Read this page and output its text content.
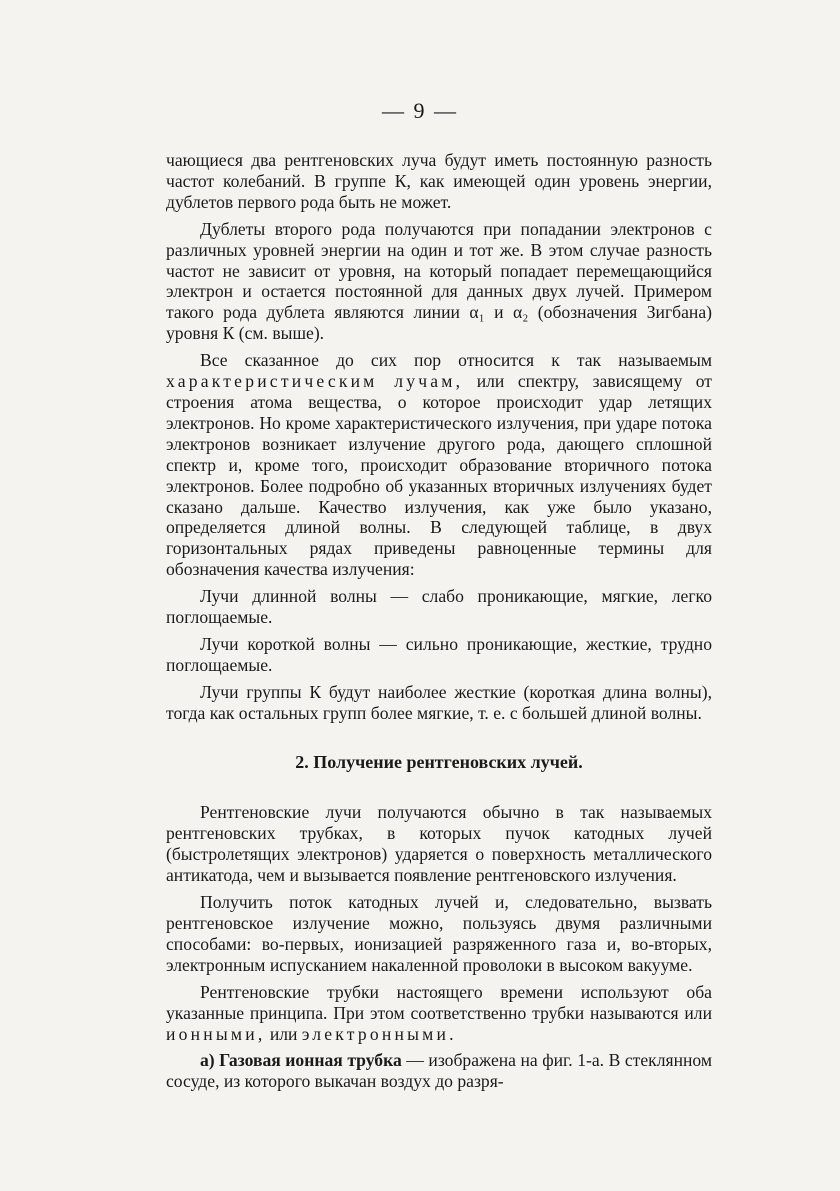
— 9 —

чающиеся два рентгеновских луча будут иметь постоянную разность частот колебаний. В группе К, как имеющей один уровень энергии, дублетов первого рода быть не может.

Дублеты второго рода получаются при попадании электронов с различных уровней энергии на один и тот же. В этом случае разность частот не зависит от уровня, на который попадает перемещающийся электрон и остается постоянной для данных двух лучей. Примером такого рода дублета являются линии α₁ и α₂ (обозначения Зигбана) уровня К (см. выше).

Все сказанное до сих пор относится к так называемым характеристическим лучам, или спектру, зависящему от строения атома вещества, о которое происходит удар летящих электронов. Но кроме характеристического излучения, при ударе потока электронов возникает излучение другого рода, дающего сплошной спектр и, кроме того, происходит образование вторичного потока электронов. Более подробно об указанных вторичных излучениях будет сказано дальше. Качество излучения, как уже было указано, определяется длиной волны. В следующей таблице, в двух горизонтальных рядах приведены равноценные термины для обозначения качества излучения:

Лучи длинной волны — слабо проникающие, мягкие, легко поглощаемые.

Лучи короткой волны — сильно проникающие, жесткие, трудно поглощаемые.

Лучи группы К будут наиболее жесткие (короткая длина волны), тогда как остальных групп более мягкие, т. е. с большей длиной волны.

2. Получение рентгеновских лучей.

Рентгеновские лучи получаются обычно в так называемых рентгеновских трубках, в которых пучок катодных лучей (быстролетящих электронов) ударяется о поверхность металлического антикатода, чем и вызывается появление рентгеновского излучения.

Получить поток катодных лучей и, следовательно, вызвать рентгеновское излучение можно, пользуясь двумя различными способами: во-первых, ионизацией разряженного газа и, во-вторых, электронным испусканием накаленной проволоки в высоком вакууме.

Рентгеновские трубки настоящего времени используют оба указанные принципа. При этом соответственно трубки называются или ионными, или электронными.

а) Газовая ионная трубка — изображена на фиг. 1-а. В стеклянном сосуде, из которого выкачан воздух до разря-
